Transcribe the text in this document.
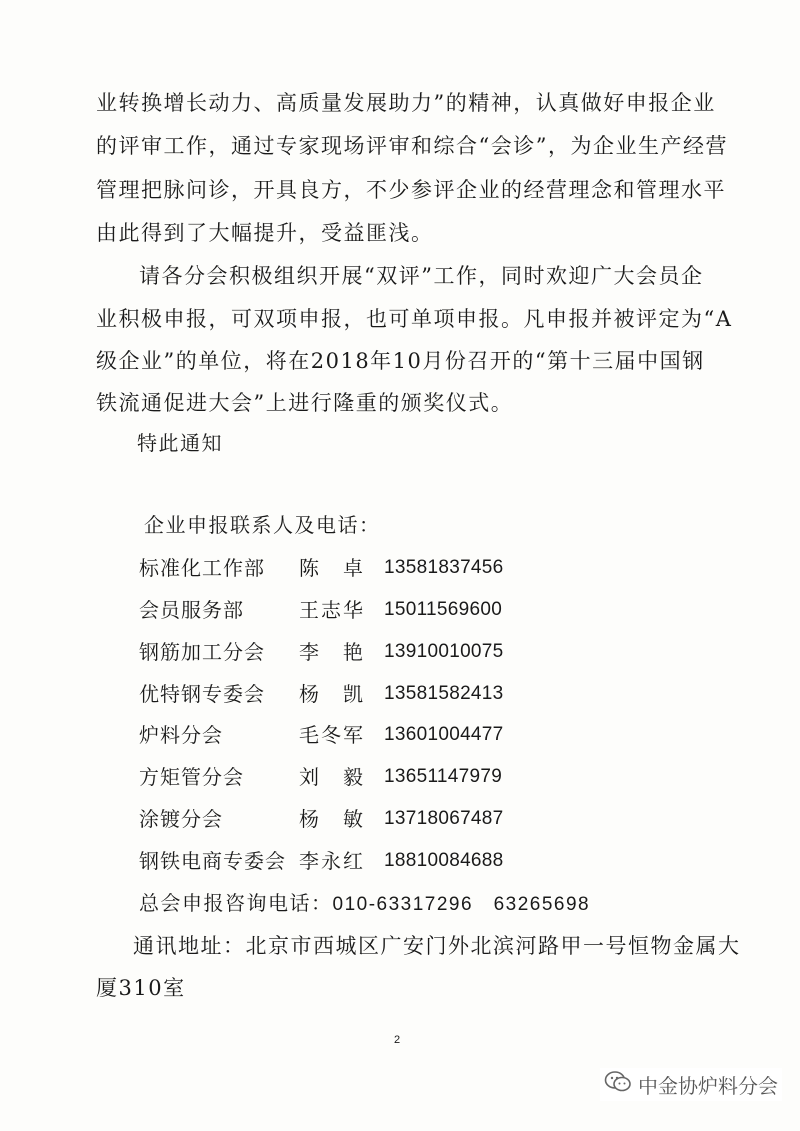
业转换增长动力、高质量发展助力”的精神，认真做好申报企业
的评审工作，通过专家现场评审和综合“会诊”，为企业生产经营
管理把脉问诊，开具良方，不少参评企业的经营理念和管理水平
由此得到了大幅提升，受益匪浅。
请各分会积极组织开展“双评”工作，同时欢迎广大会员企
业积极申报，可双项申报，也可单项申报。凡申报并被评定为“A
级企业”的单位，将在2018年10月份召开的“第十三届中国钢
铁流通促进大会”上进行隆重的颁奖仪式。
特此通知
企业申报联系人及电话：
标准化工作部	陈　卓	13581837456
会员服务部	王志华	15011569600
钢筋加工分会	李　艳	13910010075
优特钢专委会	杨　凯	13581582413
炉料分会	毛冬军	13601004477
方矩管分会	刘　毅	13651147979
涂镀分会	杨　敏	13718067487
钢铁电商专委会 李永红	18810084688
总会申报咨询电话：010-63317296　63265698
通讯地址：北京市西城区广安门外北滨河路甲一号恒物金属大
厦310室
2
中金协炉料分会
